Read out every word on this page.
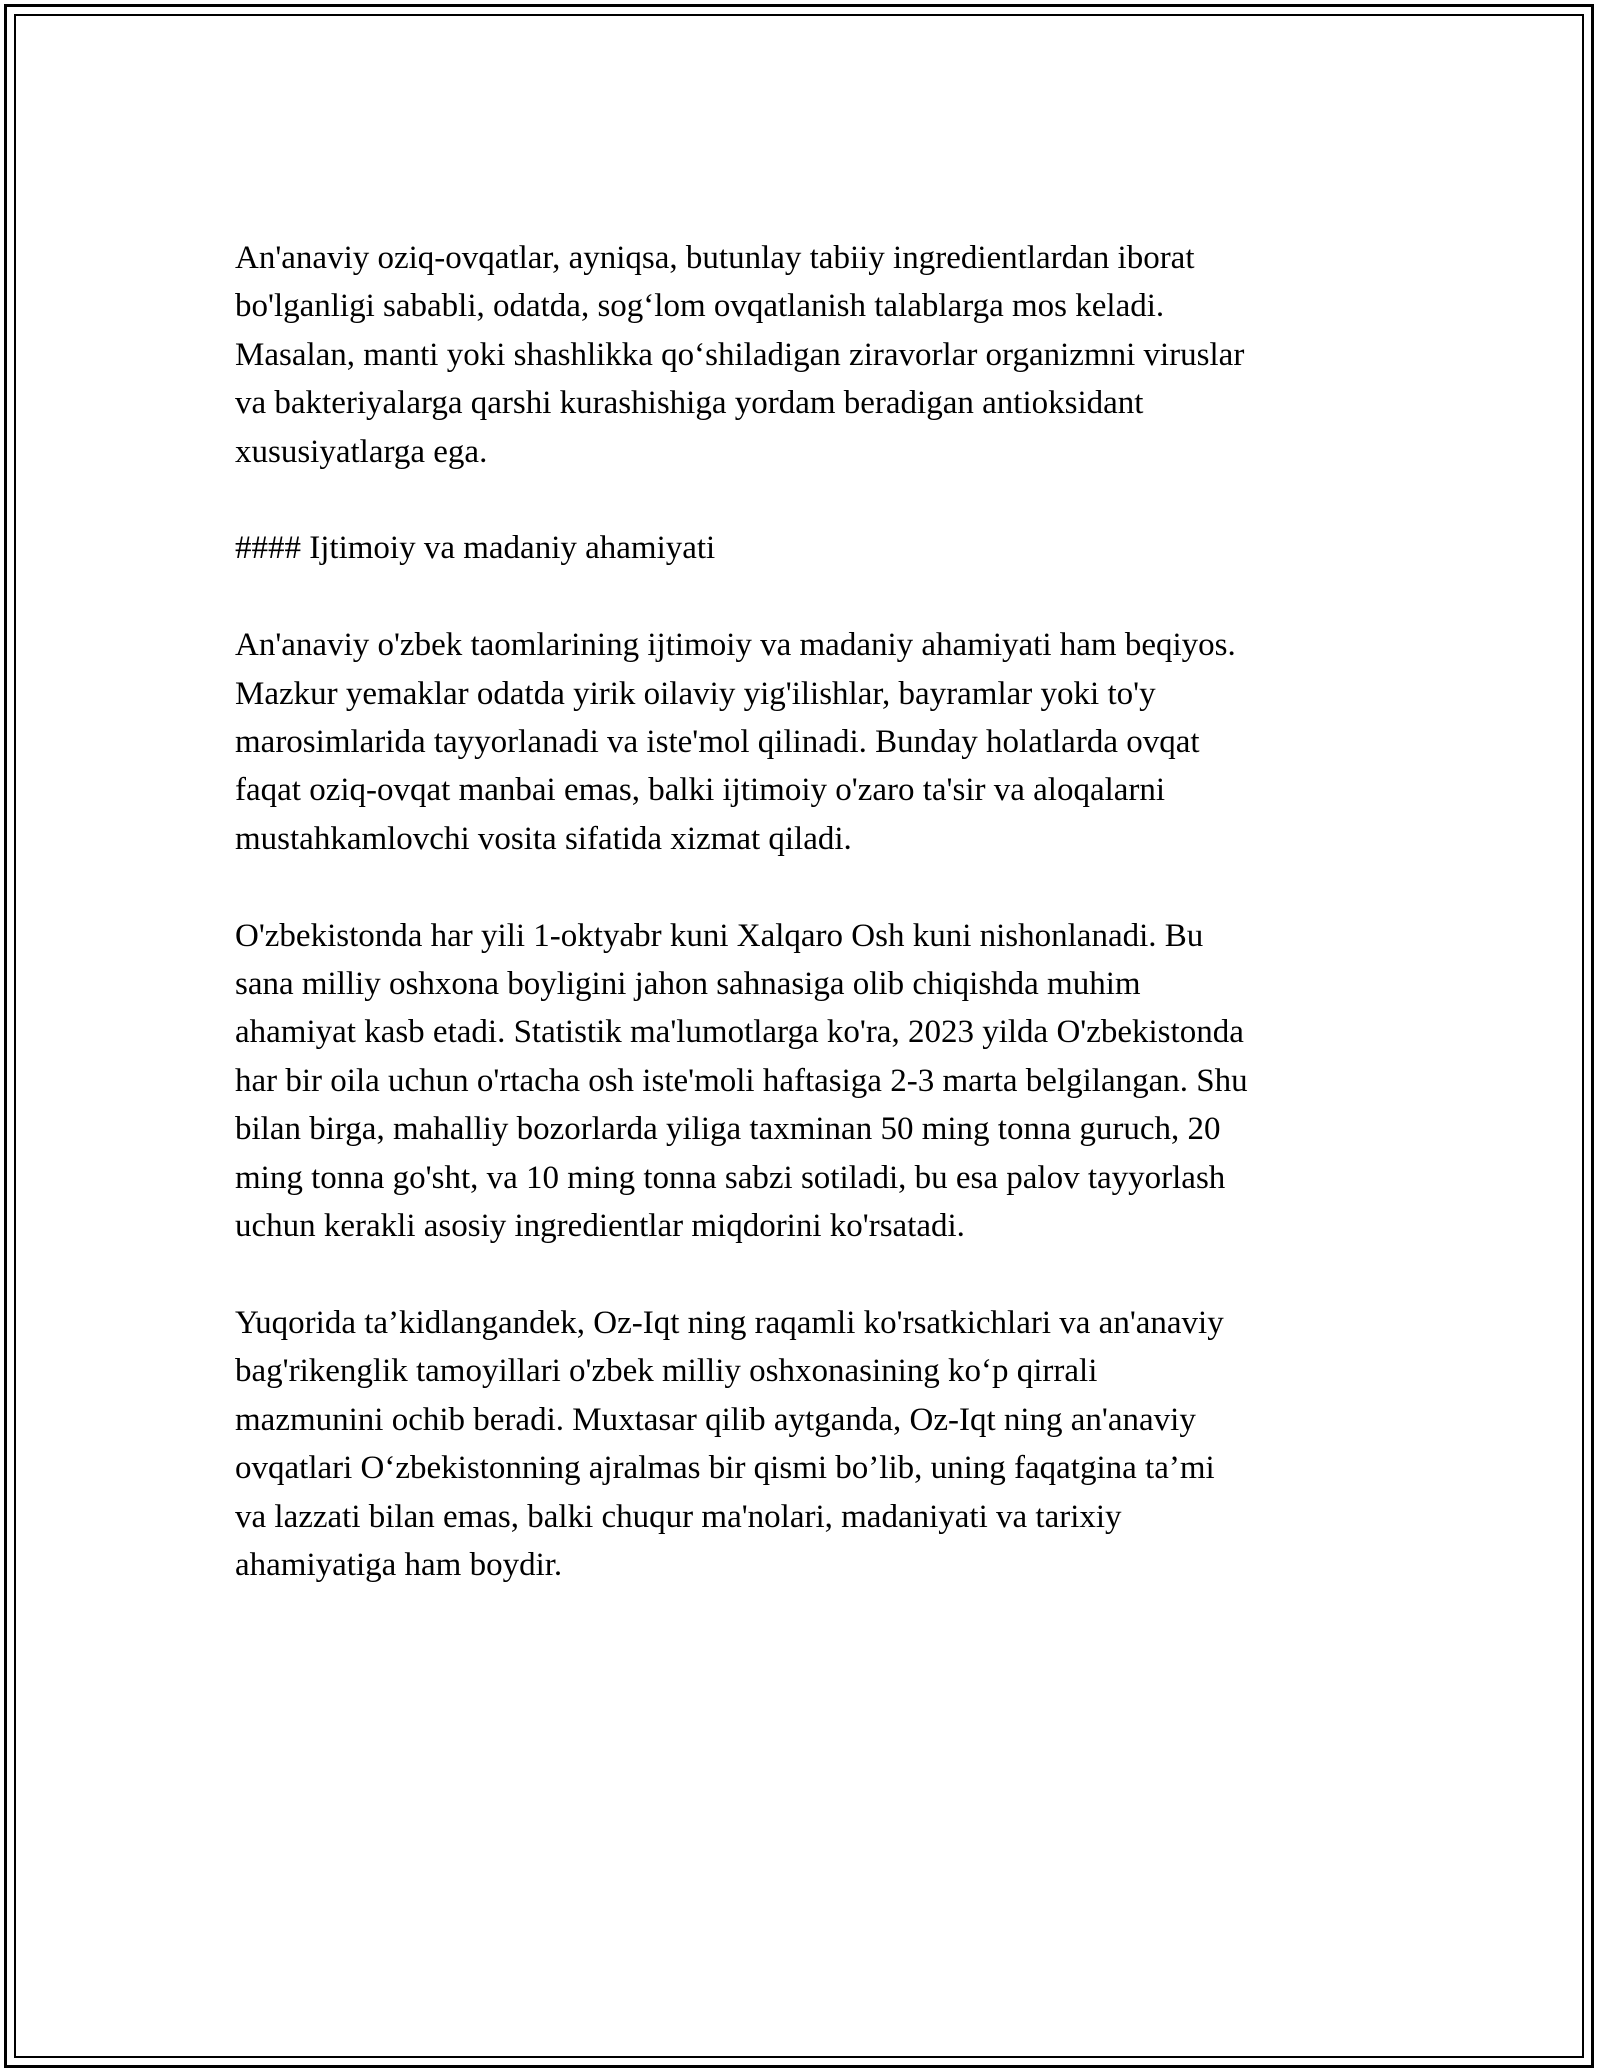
An'anaviy oziq-ovqatlar, ayniqsa, butunlay tabiiy ingredientlardan iborat
bo'lganligi sababli, odatda, sog‘lom ovqatlanish talablarga mos keladi.
Masalan, manti yoki shashlikka qo‘shiladigan ziravorlar organizmni viruslar
va bakteriyalarga qarshi kurashishiga yordam beradigan antioksidant
xususiyatlarga ega.

#### Ijtimoiy va madaniy ahamiyati

An'anaviy o'zbek taomlarining ijtimoiy va madaniy ahamiyati ham beqiyos.
Mazkur yemaklar odatda yirik oilaviy yig'ilishlar, bayramlar yoki to'y
marosimlarida tayyorlanadi va iste'mol qilinadi. Bunday holatlarda ovqat
faqat oziq-ovqat manbai emas, balki ijtimoiy o'zaro ta'sir va aloqalarni
mustahkamlovchi vosita sifatida xizmat qiladi.

O'zbekistonda har yili 1-oktyabr kuni Xalqaro Osh kuni nishonlanadi. Bu
sana milliy oshxona boyligini jahon sahnasiga olib chiqishda muhim
ahamiyat kasb etadi. Statistik ma'lumotlarga ko'ra, 2023 yilda O'zbekistonda
har bir oila uchun o'rtacha osh iste'moli haftasiga 2-3 marta belgilangan. Shu
bilan birga, mahalliy bozorlarda yiliga taxminan 50 ming tonna guruch, 20
ming tonna go'sht, va 10 ming tonna sabzi sotiladi, bu esa palov tayyorlash
uchun kerakli asosiy ingredientlar miqdorini ko'rsatadi.

Yuqorida ta’kidlangandek, Oz-Iqt ning raqamli ko'rsatkichlari va an'anaviy
bag'rikenglik tamoyillari o'zbek milliy oshxonasining ko‘p qirrali
mazmunini ochib beradi. Muxtasar qilib aytganda, Oz-Iqt ning an'anaviy
ovqatlari O‘zbekistonning ajralmas bir qismi bo’lib, uning faqatgina ta’mi
va lazzati bilan emas, balki chuqur ma'nolari, madaniyati va tarixiy
ahamiyatiga ham boydir.
